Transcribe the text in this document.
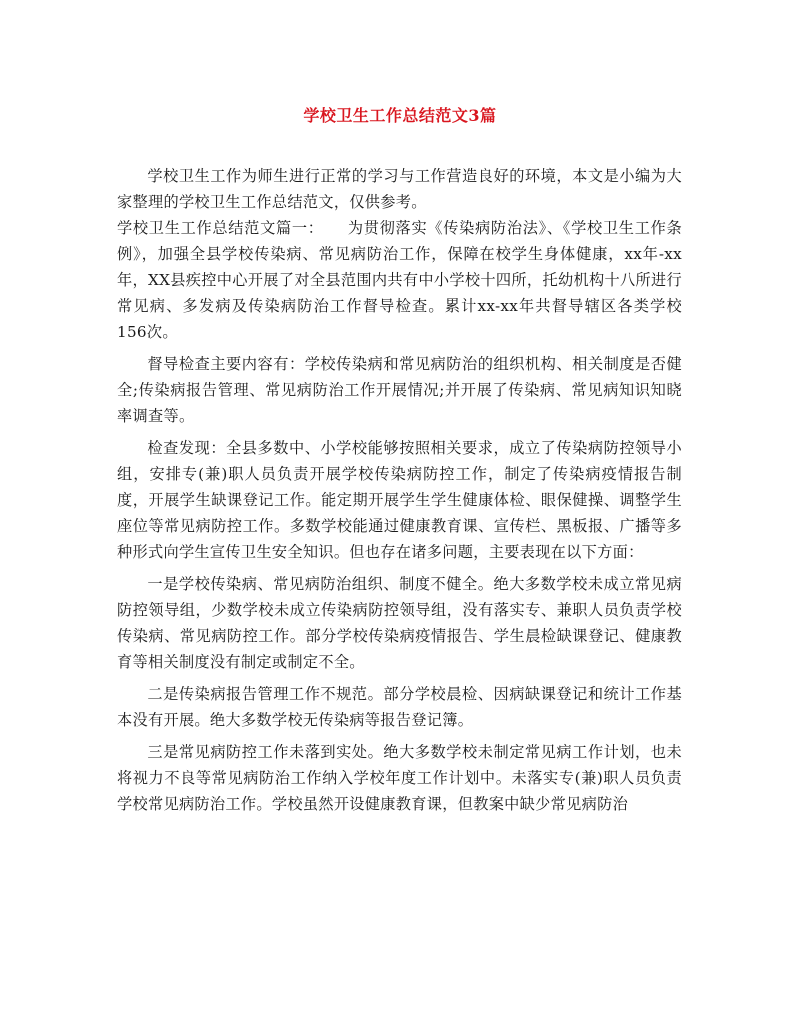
学校卫生工作总结范文3篇

学校卫生工作为师生进行正常的学习与工作营造良好的环境，本文是小编为大家整理的学校卫生工作总结范文，仅供参考。

学校卫生工作总结范文篇一：　　为贯彻落实《传染病防治法》、《学校卫生工作条例》，加强全县学校传染病、常见病防治工作，保障在校学生身体健康，xx年-xx年，XX县疾控中心开展了对全县范围内共有中小学校十四所，托幼机构十八所进行常见病、多发病及传染病防治工作督导检查。累计xx-xx年共督导辖区各类学校156次。

督导检查主要内容有：学校传染病和常见病防治的组织机构、相关制度是否健全;传染病报告管理、常见病防治工作开展情况;并开展了传染病、常见病知识知晓率调查等。

检查发现：全县多数中、小学校能够按照相关要求，成立了传染病防控领导小组，安排专(兼)职人员负责开展学校传染病防控工作，制定了传染病疫情报告制度，开展学生缺课登记工作。能定期开展学生学生健康体检、眼保健操、调整学生座位等常见病防控工作。多数学校能通过健康教育课、宣传栏、黑板报、广播等多种形式向学生宣传卫生安全知识。但也存在诸多问题，主要表现在以下方面：

一是学校传染病、常见病防治组织、制度不健全。绝大多数学校未成立常见病防控领导组，少数学校未成立传染病防控领导组，没有落实专、兼职人员负责学校传染病、常见病防控工作。部分学校传染病疫情报告、学生晨检缺课登记、健康教育等相关制度没有制定或制定不全。

二是传染病报告管理工作不规范。部分学校晨检、因病缺课登记和统计工作基本没有开展。绝大多数学校无传染病等报告登记簿。

三是常见病防控工作未落到实处。绝大多数学校未制定常见病工作计划，也未将视力不良等常见病防治工作纳入学校年度工作计划中。未落实专(兼)职人员负责学校常见病防治工作。学校虽然开设健康教育课，但教案中缺少常见病防治
